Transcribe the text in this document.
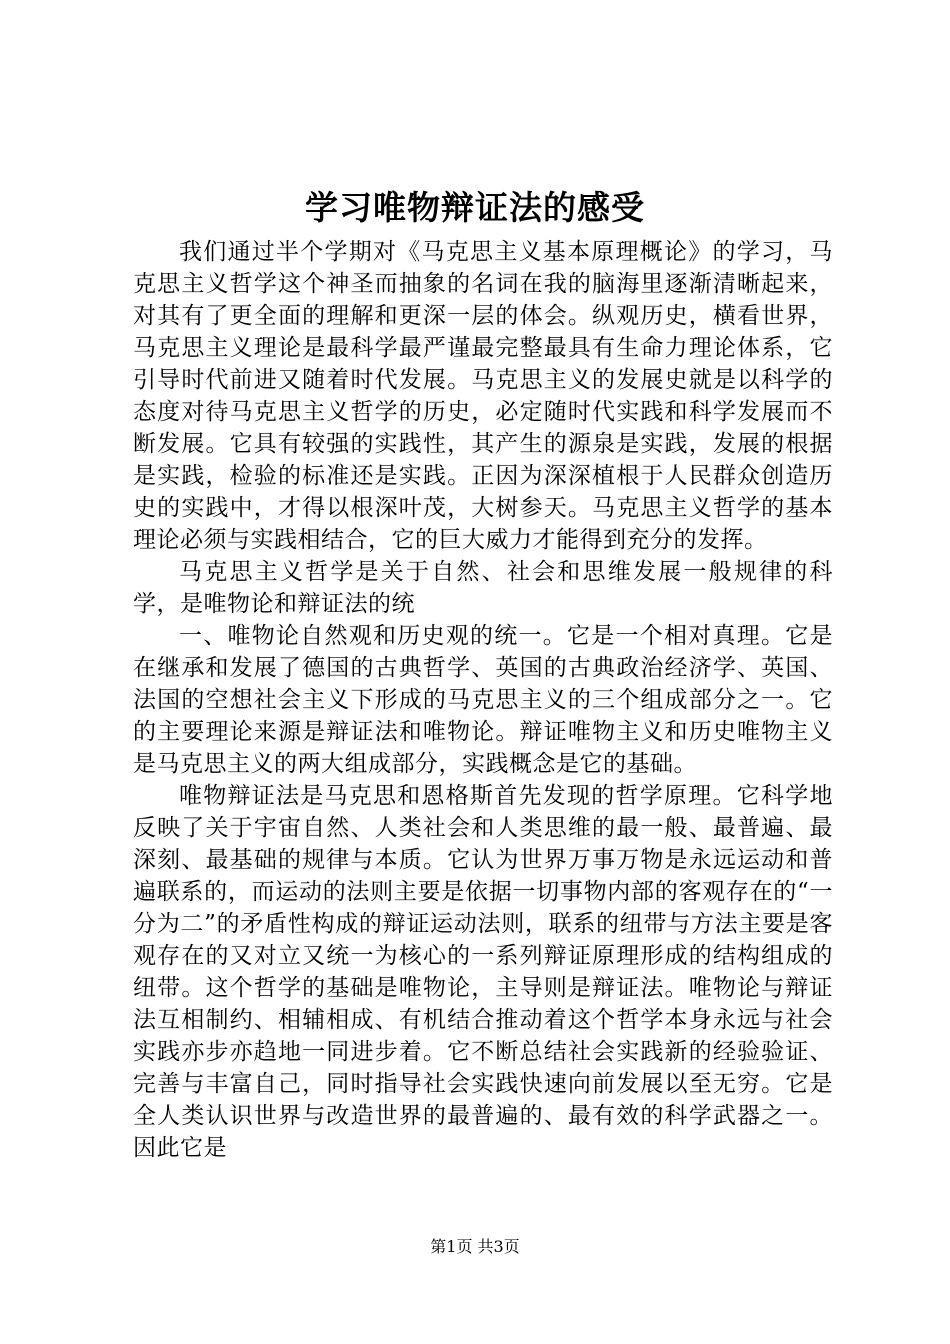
学习唯物辩证法的感受

我们通过半个学期对《马克思主义基本原理概论》的学习，马克思主义哲学这个神圣而抽象的名词在我的脑海里逐渐清晰起来，对其有了更全面的理解和更深一层的体会。纵观历史，横看世界，马克思主义理论是最科学最严谨最完整最具有生命力理论体系，它引导时代前进又随着时代发展。马克思主义的发展史就是以科学的态度对待马克思主义哲学的历史，必定随时代实践和科学发展而不断发展。它具有较强的实践性，其产生的源泉是实践，发展的根据是实践，检验的标准还是实践。正因为深深植根于人民群众创造历史的实践中，才得以根深叶茂，大树参天。马克思主义哲学的基本理论必须与实践相结合，它的巨大威力才能得到充分的发挥。

马克思主义哲学是关于自然、社会和思维发展一般规律的科学，是唯物论和辩证法的统

一、唯物论自然观和历史观的统一。它是一个相对真理。它是在继承和发展了德国的古典哲学、英国的古典政治经济学、英国、法国的空想社会主义下形成的马克思主义的三个组成部分之一。它的主要理论来源是辩证法和唯物论。辩证唯物主义和历史唯物主义是马克思主义的两大组成部分，实践概念是它的基础。

唯物辩证法是马克思和恩格斯首先发现的哲学原理。它科学地反映了关于宇宙自然、人类社会和人类思维的最一般、最普遍、最深刻、最基础的规律与本质。它认为世界万事万物是永远运动和普遍联系的，而运动的法则主要是依据一切事物内部的客观存在的“一分为二”的矛盾性构成的辩证运动法则，联系的纽带与方法主要是客观存在的又对立又统一为核心的一系列辩证原理形成的结构组成的纽带。这个哲学的基础是唯物论，主导则是辩证法。唯物论与辩证法互相制约、相辅相成、有机结合推动着这个哲学本身永远与社会实践亦步亦趋地一同进步着。它不断总结社会实践新的经验验证、完善与丰富自己，同时指导社会实践快速向前发展以至无穷。它是全人类认识世界与改造世界的最普遍的、最有效的科学武器之一。因此它是

第1页 共3页
